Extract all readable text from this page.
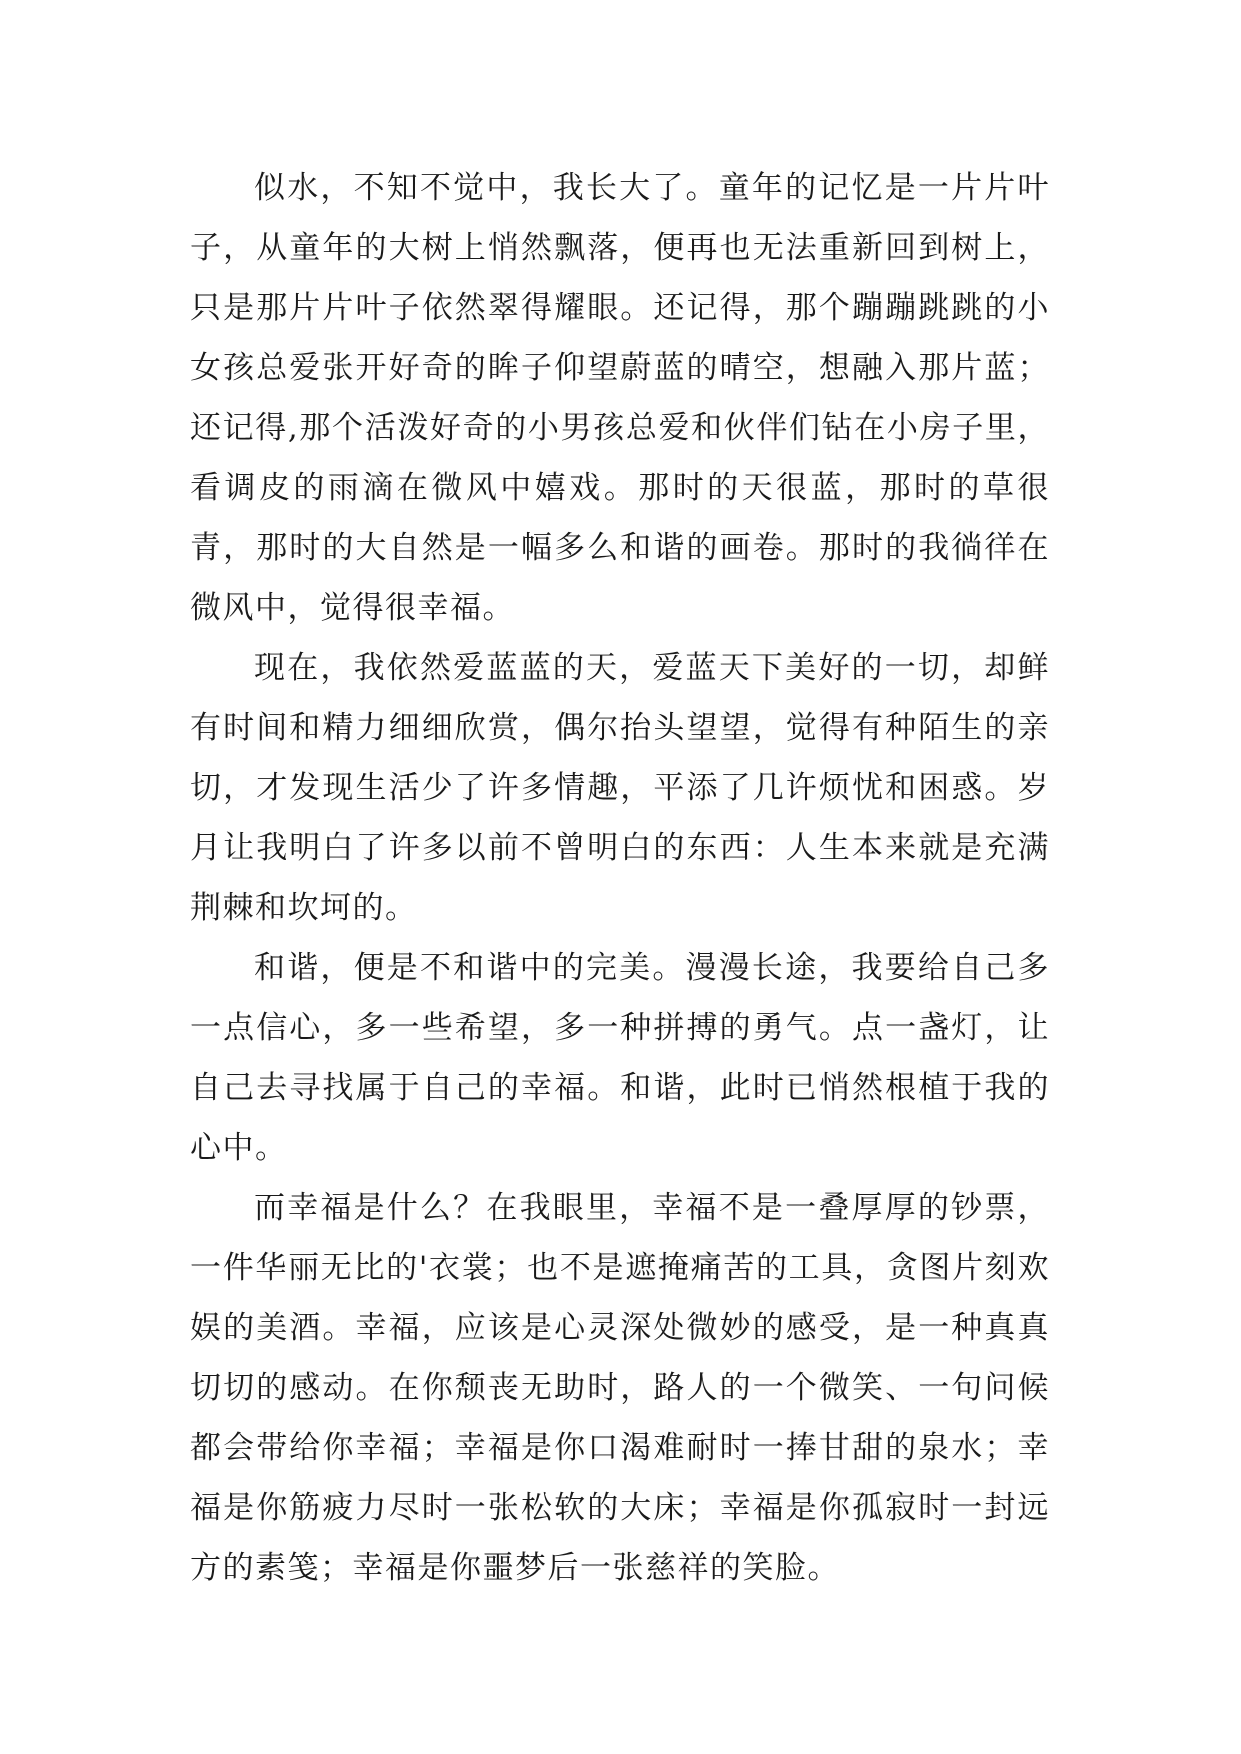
似水，不知不觉中，我长大了。童年的记忆是一片片叶子，从童年的大树上悄然飘落，便再也无法重新回到树上，只是那片片叶子依然翠得耀眼。还记得，那个蹦蹦跳跳的小女孩总爱张开好奇的眸子仰望蔚蓝的晴空，想融入那片蓝；还记得,那个活泼好奇的小男孩总爱和伙伴们钻在小房子里，看调皮的雨滴在微风中嬉戏。那时的天很蓝，那时的草很青，那时的大自然是一幅多么和谐的画卷。那时的我徜徉在微风中，觉得很幸福。

现在，我依然爱蓝蓝的天，爱蓝天下美好的一切，却鲜有时间和精力细细欣赏，偶尔抬头望望，觉得有种陌生的亲切，才发现生活少了许多情趣，平添了几许烦忧和困惑。岁月让我明白了许多以前不曾明白的东西：人生本来就是充满荆棘和坎坷的。

和谐，便是不和谐中的完美。漫漫长途，我要给自己多一点信心，多一些希望，多一种拼搏的勇气。点一盏灯，让自己去寻找属于自己的幸福。和谐，此时已悄然根植于我的心中。

而幸福是什么？在我眼里，幸福不是一叠厚厚的钞票，一件华丽无比的'衣裳；也不是遮掩痛苦的工具，贪图片刻欢娱的美酒。幸福，应该是心灵深处微妙的感受，是一种真真切切的感动。在你颓丧无助时，路人的一个微笑、一句问候都会带给你幸福；幸福是你口渴难耐时一捧甘甜的泉水；幸福是你筋疲力尽时一张松软的大床；幸福是你孤寂时一封远方的素笺；幸福是你噩梦后一张慈祥的笑脸。
